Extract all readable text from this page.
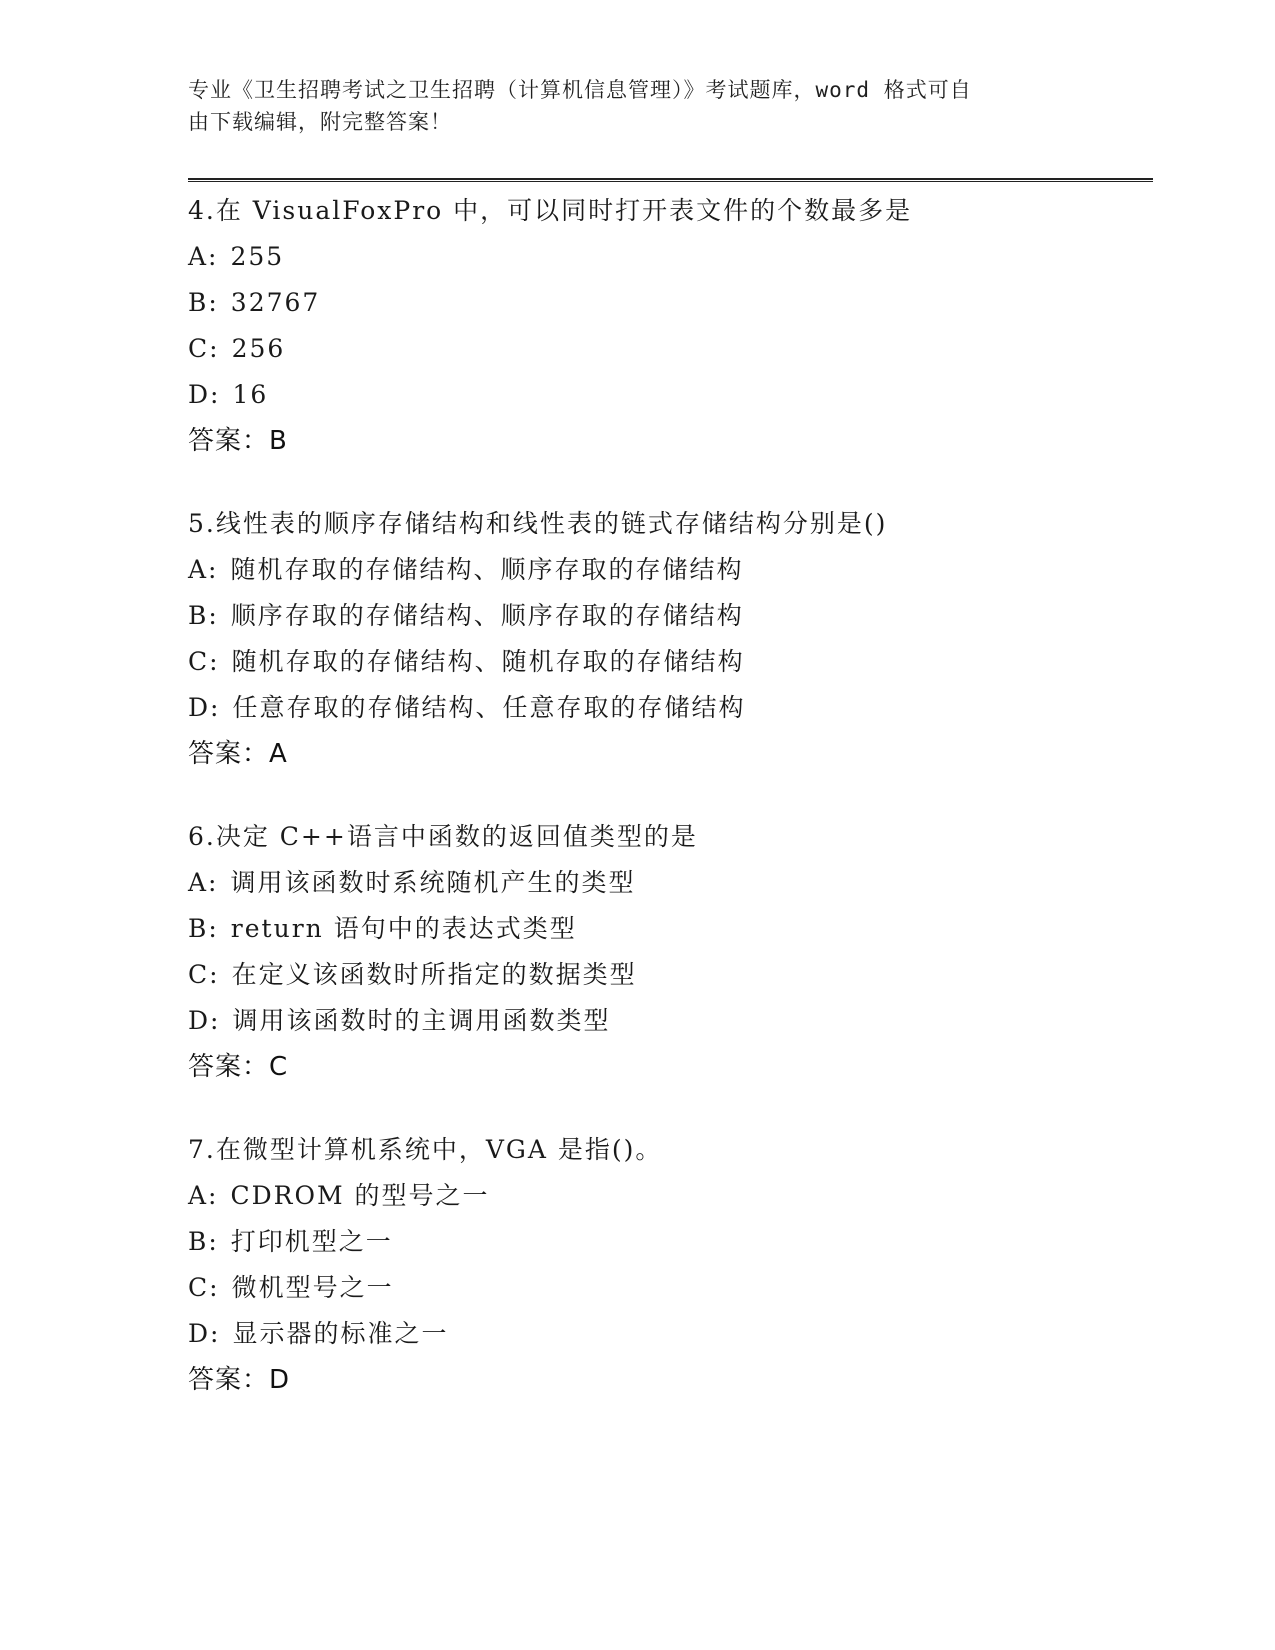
专业《卫生招聘考试之卫生招聘（计算机信息管理）》考试题库，word 格式可自
由下载编辑，附完整答案！
4.在 VisualFoxPro 中，可以同时打开表文件的个数最多是
A: 255
B: 32767
C: 256
D: 16
答案：B
5.线性表的顺序存储结构和线性表的链式存储结构分别是()
A: 随机存取的存储结构、顺序存取的存储结构
B: 顺序存取的存储结构、顺序存取的存储结构
C: 随机存取的存储结构、随机存取的存储结构
D: 任意存取的存储结构、任意存取的存储结构
答案：A
6.决定 C++语言中函数的返回值类型的是
A: 调用该函数时系统随机产生的类型
B: return 语句中的表达式类型
C: 在定义该函数时所指定的数据类型
D: 调用该函数时的主调用函数类型
答案：C
7.在微型计算机系统中，VGA 是指()。
A: CDROM 的型号之一
B: 打印机型之一
C: 微机型号之一
D: 显示器的标准之一
答案：D
